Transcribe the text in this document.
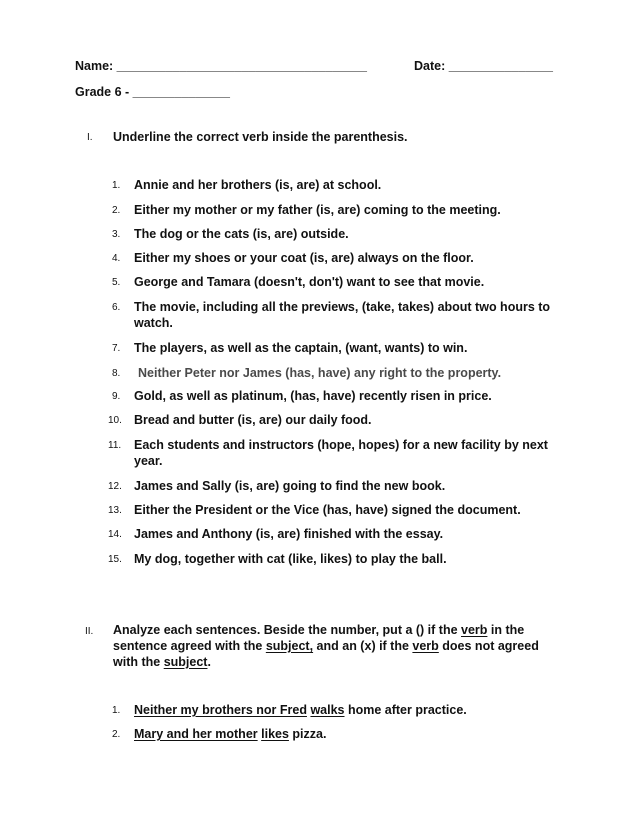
Name: ____________________________________	Date: _______________
Grade 6 - ______________
I. Underline the correct verb inside the parenthesis.
1. Annie and her brothers (is, are) at school.
2. Either my mother or my father (is, are) coming to the meeting.
3. The dog or the cats (is, are) outside.
4. Either my shoes or your coat (is, are) always on the floor.
5. George and Tamara (doesn't, don't) want to see that movie.
6. The movie, including all the previews, (take, takes) about two hours to watch.
7. The players, as well as the captain, (want, wants) to win.
8. Neither Peter nor James (has, have) any right to the property.
9. Gold, as well as platinum, (has, have) recently risen in price.
10. Bread and butter (is, are) our daily food.
11. Each students and instructors (hope, hopes) for a new facility by next year.
12. James and Sally (is, are) going to find the new book.
13. Either the President or the Vice (has, have) signed the document.
14. James and Anthony (is, are) finished with the essay.
15. My dog, together with cat (like, likes) to play the ball.
II. Analyze each sentences. Beside the number, put a () if the verb in the sentence agreed with the subject, and an (x) if the verb does not agreed with the subject.
1. Neither my brothers nor Fred walks home after practice.
2. Mary and her mother likes pizza.
